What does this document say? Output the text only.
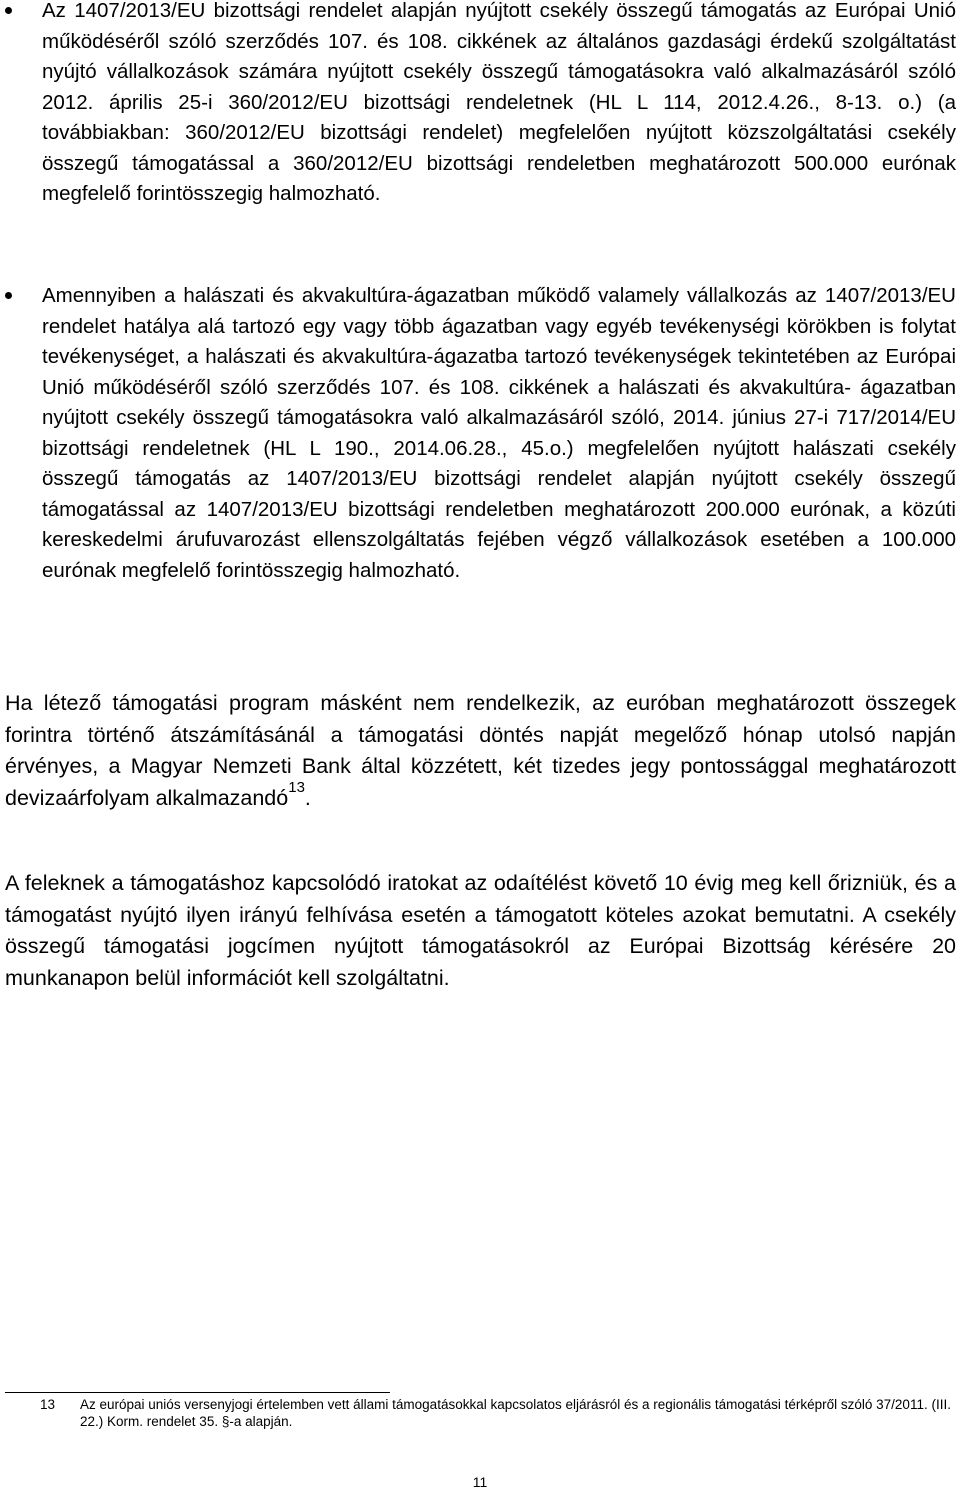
Az 1407/2013/EU bizottsági rendelet alapján nyújtott csekély összegű támogatás az Európai Unió működéséről szóló szerződés 107. és 108. cikkének az általános gazdasági érdekű szolgáltatást nyújtó vállalkozások számára nyújtott csekély összegű támogatásokra való alkalmazásáról szóló 2012. április 25-i 360/2012/EU bizottsági rendeletnek (HL L 114, 2012.4.26., 8-13. o.) (a továbbiakban: 360/2012/EU bizottsági rendelet) megfelelően nyújtott közszolgáltatási csekély összegű támogatással a 360/2012/EU bizottsági rendeletben meghatározott 500.000 eurónak megfelelő forintösszegig halmozható.
Amennyiben a halászati és akvakultúra-ágazatban működő valamely vállalkozás az 1407/2013/EU rendelet hatálya alá tartozó egy vagy több ágazatban vagy egyéb tevékenységi körökben is folytat tevékenységet, a halászati és akvakultúra-ágazatba tartozó tevékenységek tekintetében az Európai Unió működéséről szóló szerződés 107. és 108. cikkének a halászati és akvakultúra- ágazatban nyújtott csekély összegű támogatásokra való alkalmazásáról szóló, 2014. június 27-i 717/2014/EU bizottsági rendeletnek (HL L 190., 2014.06.28., 45.o.) megfelelően nyújtott halászati csekély összegű támogatás az 1407/2013/EU bizottsági rendelet alapján nyújtott csekély összegű támogatással az 1407/2013/EU bizottsági rendeletben meghatározott 200.000 eurónak, a közúti kereskedelmi árufuvarozást ellenszolgáltatás fejében végző vállalkozások esetében a 100.000 eurónak megfelelő forintösszegig halmozható.

Ha létező támogatási program másként nem rendelkezik, az euróban meghatározott összegek forintra történő átszámításánál a támogatási döntés napját megelőző hónap utolsó napján érvényes, a Magyar Nemzeti Bank által közzétett, két tizedes jegy pontossággal meghatározott devizaárfolyam alkalmazandó$^{13}$.

A feleknek a támogatáshoz kapcsolódó iratokat az odaítélést követő 10 évig meg kell őrizniük, és a támogatást nyújtó ilyen irányú felhívása esetén a támogatott köteles azokat bemutatni. A csekély összegű támogatási jogcímen nyújtott támogatásokról az Európai Bizottság kérésére 20 munkanapon belül információt kell szolgáltatni.

13 Az európai uniós versenyjogi értelemben vett állami támogatásokkal kapcsolatos eljárásról és a regionális támogatási térképről szóló 37/2011. (III. 22.) Korm. rendelet 35. §-a alapján.
11
